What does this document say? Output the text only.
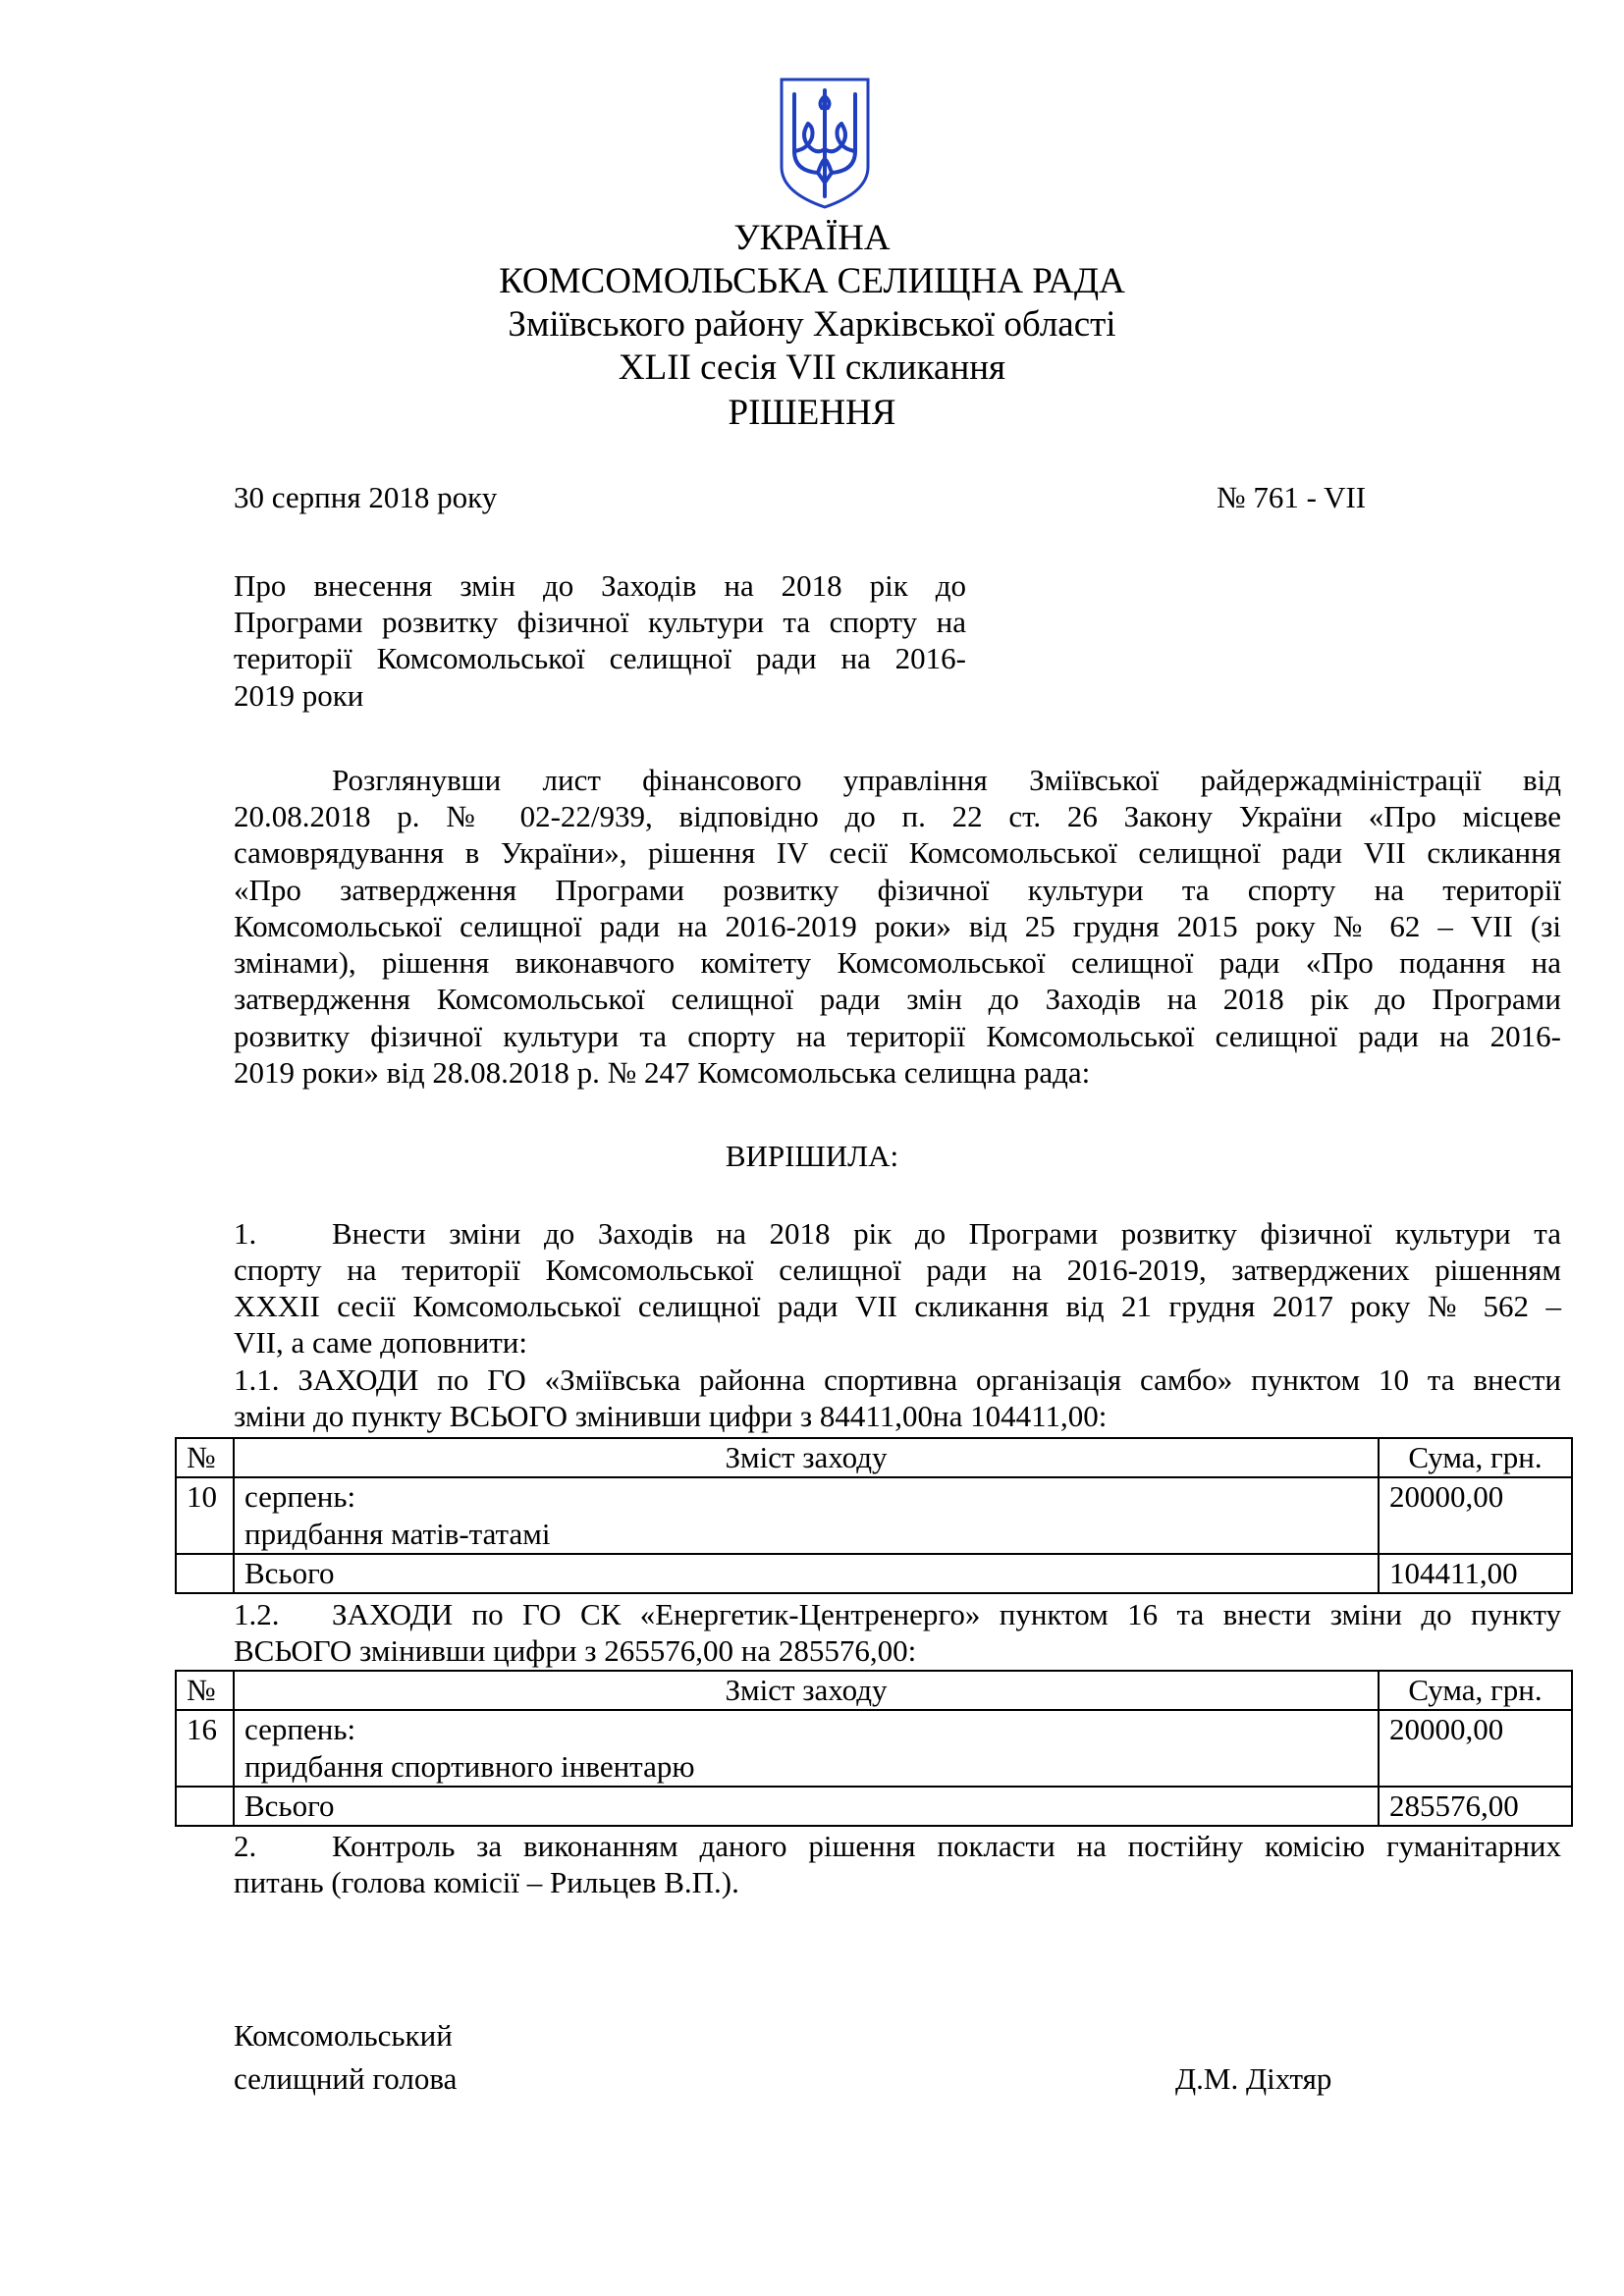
УКРАЇНА
КОМСОМОЛЬСЬКА СЕЛИЩНА РАДА
Зміївського району Харківської області
XLII сесія VII скликання
РІШЕННЯ
30 серпня 2018 року	№ 761 - VII
Про внесення змін до Заходів на 2018 рік до
Програми розвитку фізичної культури та спорту на
території Комсомольської селищної ради на 2016-
2019 роки
Розглянувши лист фінансового управління Зміївської райдержадміністрації від
20.08.2018 р. № 02-22/939, відповідно до п. 22 ст. 26 Закону України «Про місцеве
самоврядування в України», рішення IV сесії Комсомольської селищної ради VII скликання
«Про затвердження Програми розвитку фізичної культури та спорту на території
Комсомольської селищної ради на 2016-2019 роки» від 25 грудня 2015 року № 62 – VII (зі
змінами), рішення виконавчого комітету Комсомольської селищної ради «Про подання на
затвердження Комсомольської селищної ради змін до Заходів на 2018 рік до Програми
розвитку фізичної культури та спорту на території Комсомольської селищної ради на 2016-
2019 роки» від 28.08.2018 р. № 247 Комсомольська селищна рада:
ВИРІШИЛА:
1. Внести зміни до Заходів на 2018 рік до Програми розвитку фізичної культури та
спорту на території Комсомольської селищної ради на 2016-2019, затверджених рішенням
XXXII сесії Комсомольської селищної ради VII скликання від 21 грудня 2017 року № 562 –
VII, а саме доповнити:
1.1. ЗАХОДИ по ГО «Зміївська районна спортивна організація самбо» пунктом 10 та внести
зміни до пункту ВСЬОГО змінивши цифри з 84411,00на 104411,00:
№	Зміст заходу	Сума, грн.
10	серпень:
придбання матів-татамі	20000,00
	Всього	104411,00
1.2. ЗАХОДИ по ГО СК «Енергетик-Центренерго» пунктом 16 та внести зміни до пункту
ВСЬОГО змінивши цифри з 265576,00 на 285576,00:
№	Зміст заходу	Сума, грн.
16	серпень:
придбання спортивного інвентарю	20000,00
	Всього	285576,00
2. Контроль за виконанням даного рішення покласти на постійну комісію гуманітарних
питань (голова комісії – Рильцев В.П.).
Комсомольський
селищний голова	Д.М. Діхтяр
